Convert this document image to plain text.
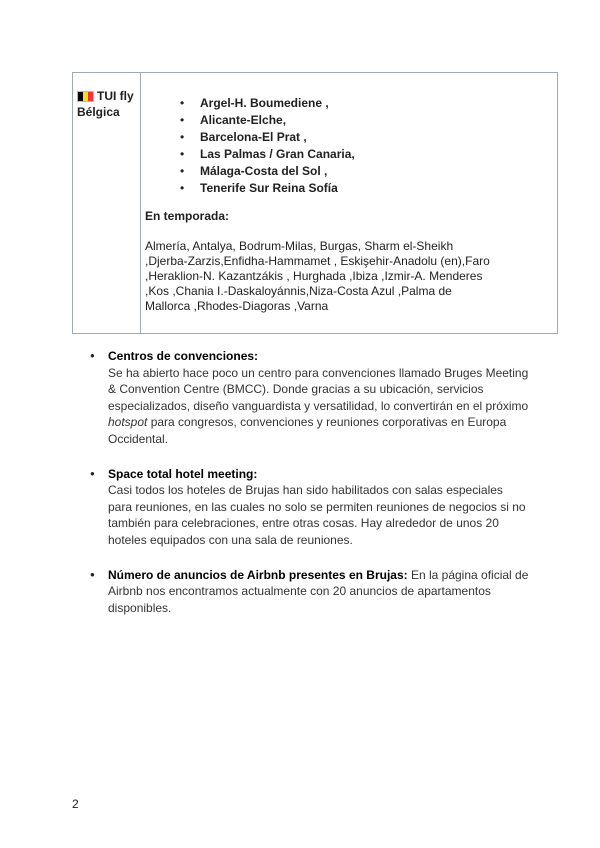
TUI fly Bélgica
• Argel-H. Boumediene ,
• Alicante-Elche,
• Barcelona-El Prat ,
• Las Palmas / Gran Canaria,
• Málaga-Costa del Sol ,
• Tenerife Sur Reina Sofía
En temporada:
Almería, Antalya, Bodrum-Milas, Burgas, Sharm el-Sheikh ,Djerba-Zarzis,Enfidha-Hammamet , Eskişehir-Anadolu (en),Faro ,Heraklion-N. Kazantzákis , Hurghada ,Ibiza ,Izmir-A. Menderes ,Kos ,Chania I.-Daskaloyánnis,Niza-Costa Azul ,Palma de Mallorca ,Rhodes-Diagoras ,Varna
● Centros de convenciones:
Se ha abierto hace poco un centro para convenciones llamado Bruges Meeting & Convention Centre (BMCC). Donde gracias a su ubicación, servicios especializados, diseño vanguardista y versatilidad, lo convertirán en el próximo hotspot para congresos, convenciones y reuniones corporativas en Europa Occidental.
● Space total hotel meeting:
Casi todos los hoteles de Brujas han sido habilitados con salas especiales para reuniones, en las cuales no solo se permiten reuniones de negocios si no también para celebraciones, entre otras cosas. Hay alrededor de unos 20 hoteles equipados con una sala de reuniones.
● Número de anuncios de Airbnb presentes en Brujas: En la página oficial de Airbnb nos encontramos actualmente con 20 anuncios de apartamentos disponibles.
2
